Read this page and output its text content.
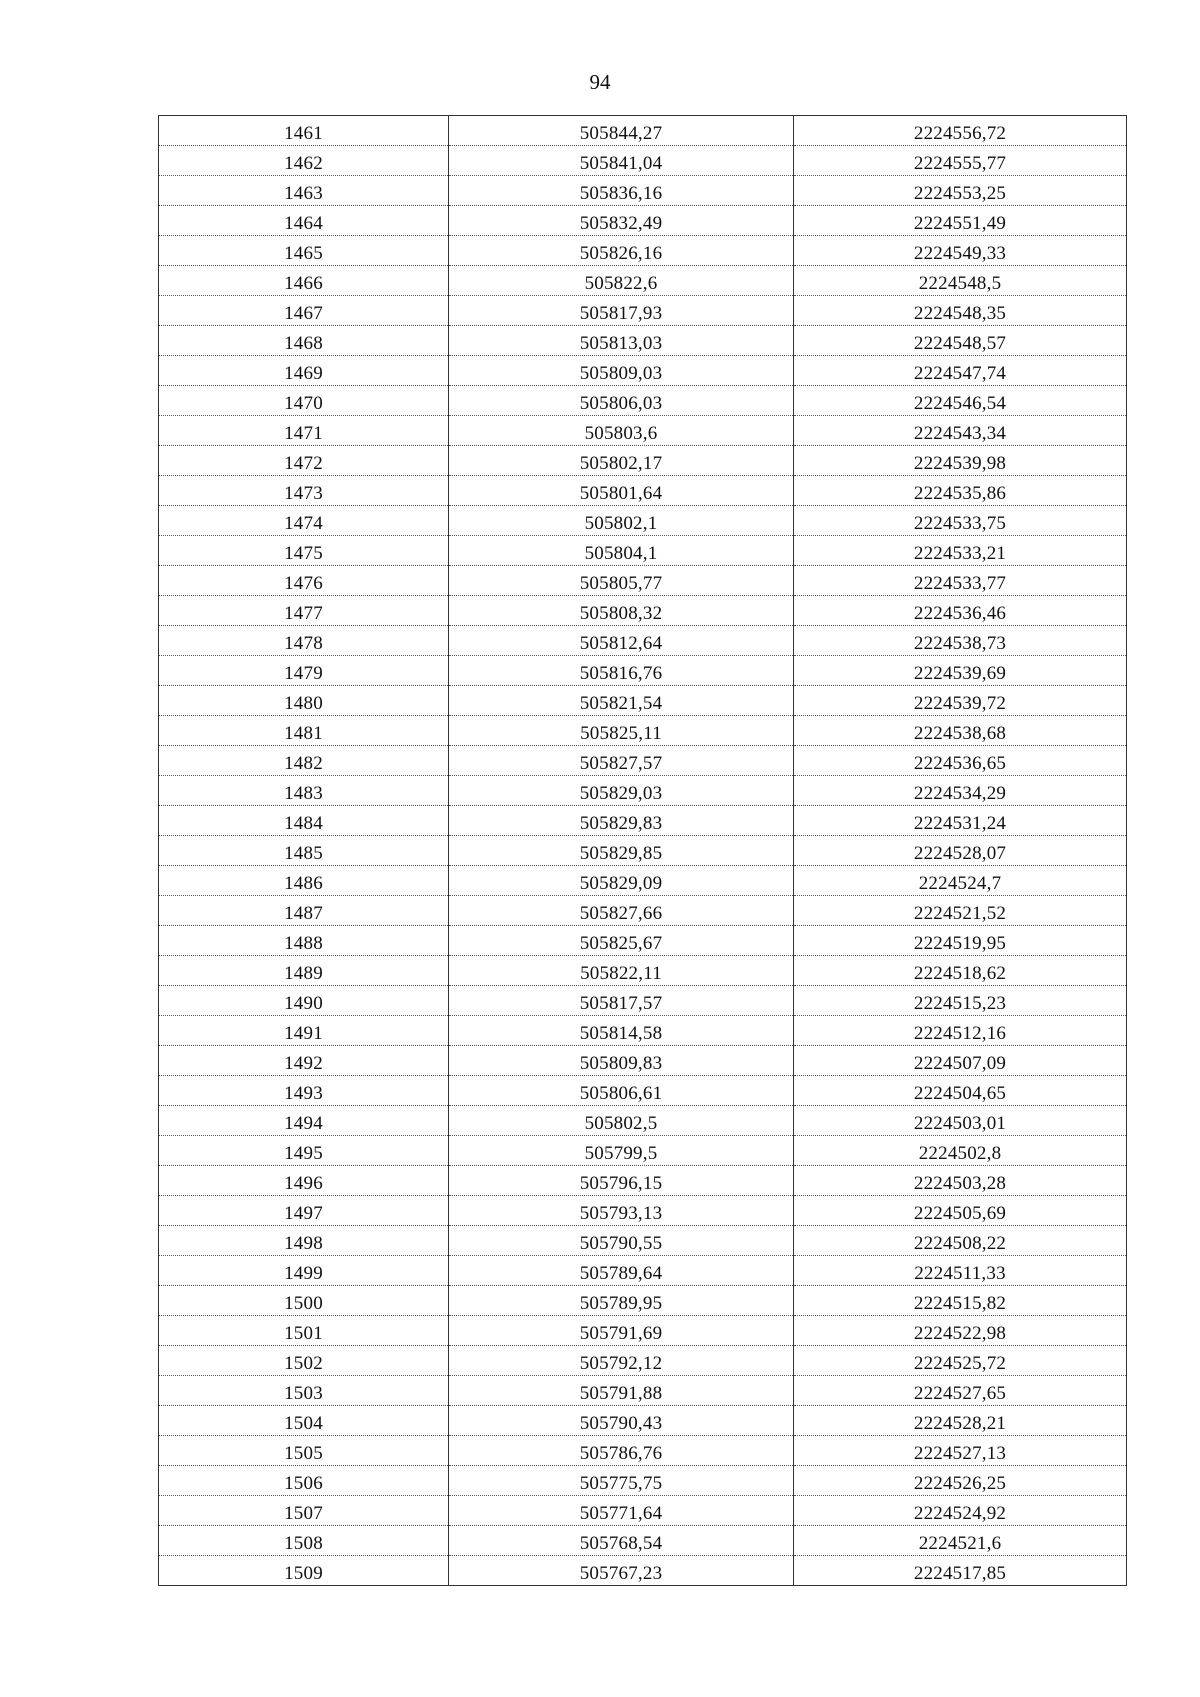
94
1461	505844,27	2224556,72
1462	505841,04	2224555,77
1463	505836,16	2224553,25
1464	505832,49	2224551,49
1465	505826,16	2224549,33
1466	505822,6	2224548,5
1467	505817,93	2224548,35
1468	505813,03	2224548,57
1469	505809,03	2224547,74
1470	505806,03	2224546,54
1471	505803,6	2224543,34
1472	505802,17	2224539,98
1473	505801,64	2224535,86
1474	505802,1	2224533,75
1475	505804,1	2224533,21
1476	505805,77	2224533,77
1477	505808,32	2224536,46
1478	505812,64	2224538,73
1479	505816,76	2224539,69
1480	505821,54	2224539,72
1481	505825,11	2224538,68
1482	505827,57	2224536,65
1483	505829,03	2224534,29
1484	505829,83	2224531,24
1485	505829,85	2224528,07
1486	505829,09	2224524,7
1487	505827,66	2224521,52
1488	505825,67	2224519,95
1489	505822,11	2224518,62
1490	505817,57	2224515,23
1491	505814,58	2224512,16
1492	505809,83	2224507,09
1493	505806,61	2224504,65
1494	505802,5	2224503,01
1495	505799,5	2224502,8
1496	505796,15	2224503,28
1497	505793,13	2224505,69
1498	505790,55	2224508,22
1499	505789,64	2224511,33
1500	505789,95	2224515,82
1501	505791,69	2224522,98
1502	505792,12	2224525,72
1503	505791,88	2224527,65
1504	505790,43	2224528,21
1505	505786,76	2224527,13
1506	505775,75	2224526,25
1507	505771,64	2224524,92
1508	505768,54	2224521,6
1509	505767,23	2224517,85
